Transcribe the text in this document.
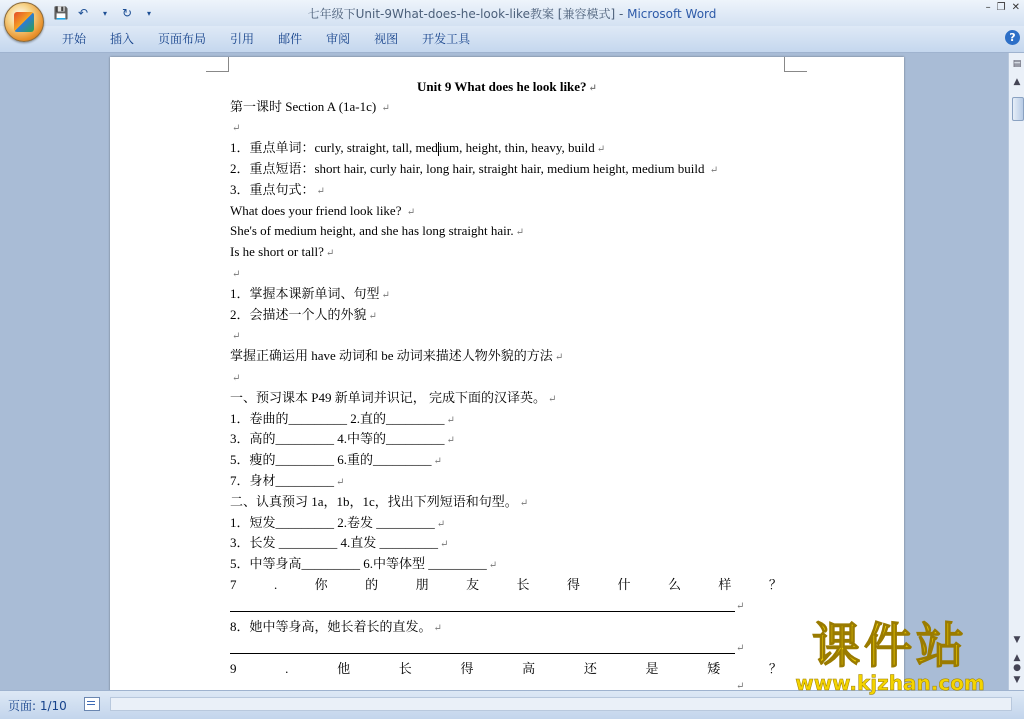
💾 ↶	▾	↻	▾	七年级下Unit-9What-does-he-look-like教案 [兼容模式] - Microsoft Word	– ❐ ✕
开始	插入	页面布局	引用	邮件	审阅	视图	开发工具	?
Unit 9 What does he look like? ↵
第一课时 Section A (1a-1c) ↵
↵
1．重点单词：curly, straight, tall, medium, height, thin, heavy, build ↵
2．重点短语：short hair, curly hair, long hair, straight hair, medium height, medium build ↵
3．重点句式： ↵
What does your friend look like? ↵
She's of medium height, and she has long straight hair. ↵
Is he short or tall? ↵
↵
1．掌握本课新单词、句型 ↵
2．会描述一个人的外貌 ↵
↵
掌握正确运用 have 动词和 be 动词来描述人物外貌的方法 ↵
↵
一、预习课本 P49 新单词并识记， 完成下面的汉译英。 ↵
1．卷曲的_________ 2.直的_________ ↵
3．高的_________ 4.中等的_________ ↵
5．瘦的_________ 6.重的_________ ↵
7．身材_________ ↵
二、认真预习 1a，1b，1c，找出下列短语和句型。 ↵
1．短发_________ 2.卷发 _________ ↵
3．长发 _________ 4.直发 _________ ↵
5．中等身高_________ 6.中等体型 _________ ↵
7	.	你	的	朋	友	长	得	什	么	样	？
↵
8．她中等身高，她长着长的直发。 ↵
↵
9	.	他	长	得	高	还	是	矮	？
↵
▤
▲
▼
▲
●
▼
页面: 1/10
课件站
www.kjzhan.com
